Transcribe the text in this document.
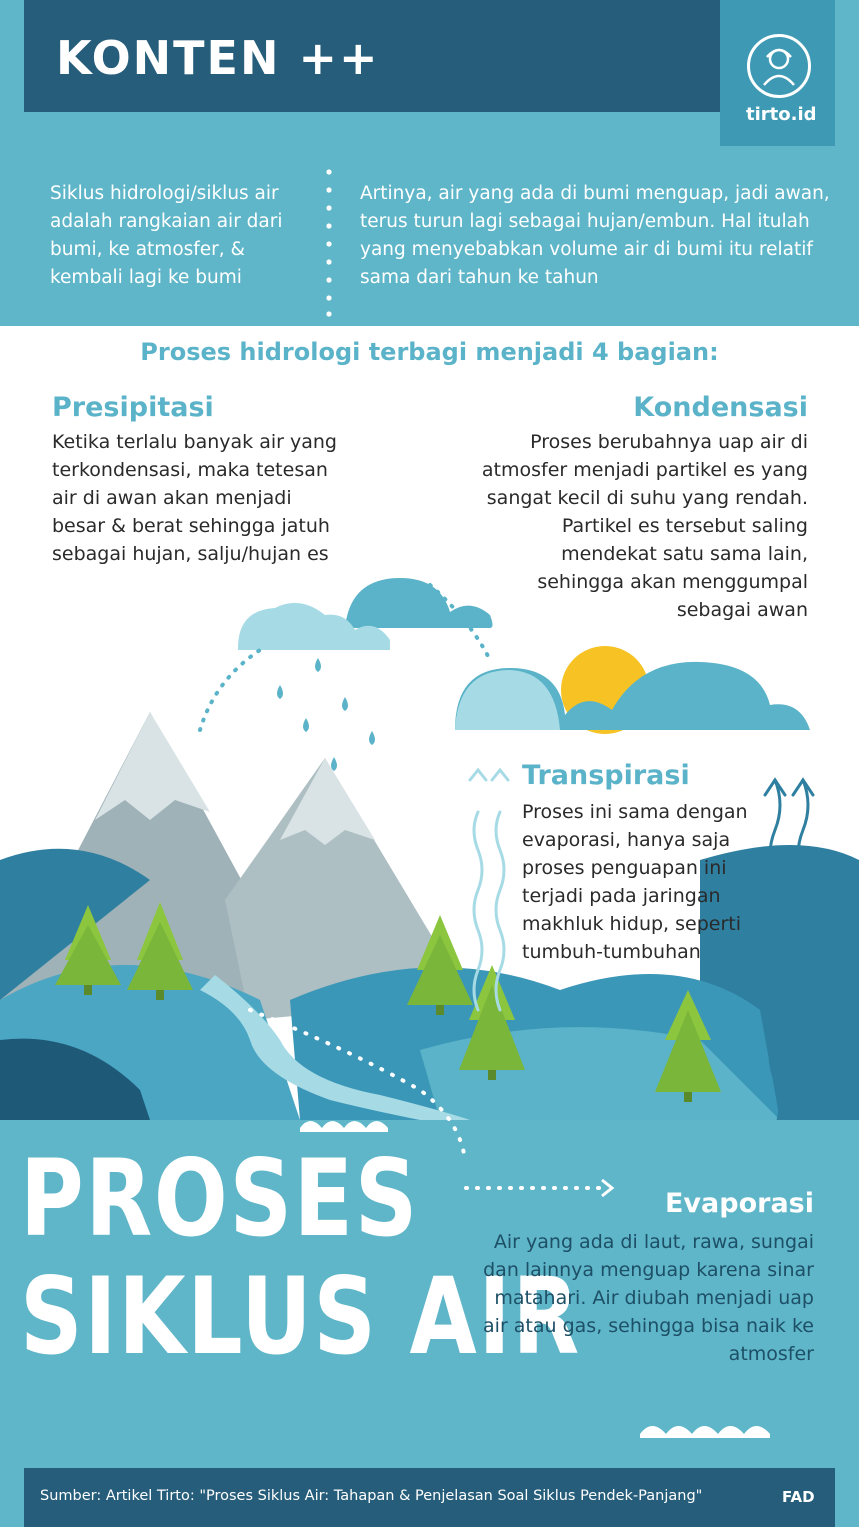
KONTEN ++
tirto.id
Siklus hidrologi/siklus air adalah rangkaian air dari bumi, ke atmosfer, & kembali lagi ke bumi
Artinya, air yang ada di bumi menguap, jadi awan, terus turun lagi sebagai hujan/embun. Hal itulah yang menyebabkan volume air di bumi itu relatif sama dari tahun ke tahun
Proses hidrologi terbagi menjadi 4 bagian:
Presipitasi
Ketika terlalu banyak air yang terkondensasi, maka tetesan air di awan akan menjadi besar & berat sehingga jatuh sebagai hujan, salju/hujan es
Kondensasi
Proses berubahnya uap air di atmosfer menjadi partikel es yang sangat kecil di suhu yang rendah. Partikel es tersebut saling mendekat satu sama lain, sehingga akan menggumpal sebagai awan
Transpirasi
Proses ini sama dengan evaporasi, hanya saja proses penguapan ini terjadi pada jaringan makhluk hidup, seperti tumbuh-tumbuhan
PROSES
SIKLUS AIR
Evaporasi
Air yang ada di laut, rawa, sungai dan lainnya menguap karena sinar matahari. Air diubah menjadi uap air atau gas, sehingga bisa naik ke atmosfer
Sumber: Artikel Tirto: "Proses Siklus Air: Tahapan & Penjelasan Soal Siklus Pendek-Panjang"	FAD
